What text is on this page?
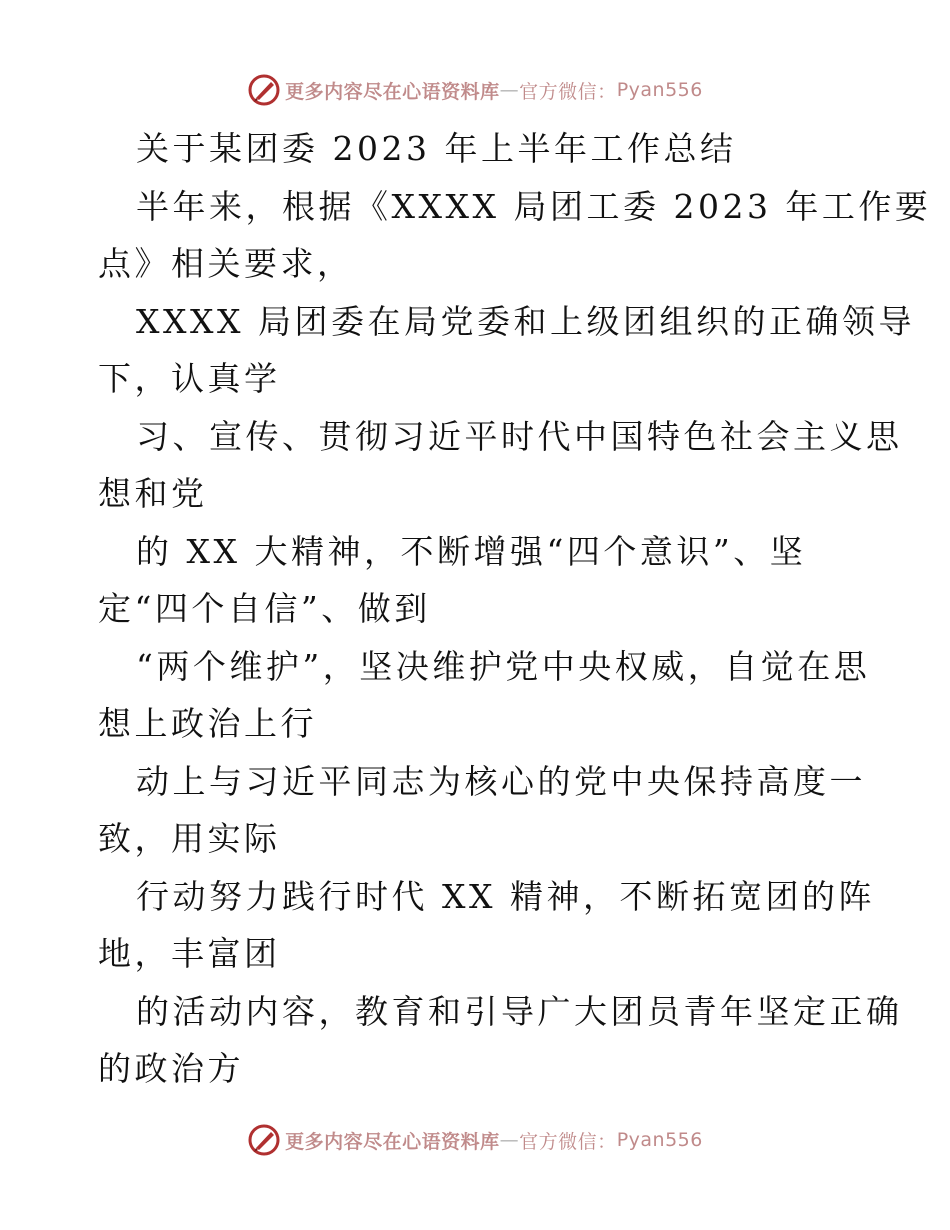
更多内容尽在心语资料库 — 官方微信： Pyan556
关于某团委 2023 年上半年工作总结
半年来，根据《XXXX 局团工委 2023 年工作要
点》相关要求，
XXXX 局团委在局党委和上级团组织的正确领导
下，认真学
习、宣传、贯彻习近平时代中国特色社会主义思
想和党
的 XX 大精神，不断增强“四个意识”、坚
定“四个自信”、做到
“两个维护”，坚决维护党中央权威，自觉在思
想上政治上行
动上与习近平同志为核心的党中央保持高度一
致，用实际
行动努力践行时代 XX 精神，不断拓宽团的阵
地，丰富团
的活动内容，教育和引导广大团员青年坚定正确
的政治方
更多内容尽在心语资料库 — 官方微信： Pyan556
